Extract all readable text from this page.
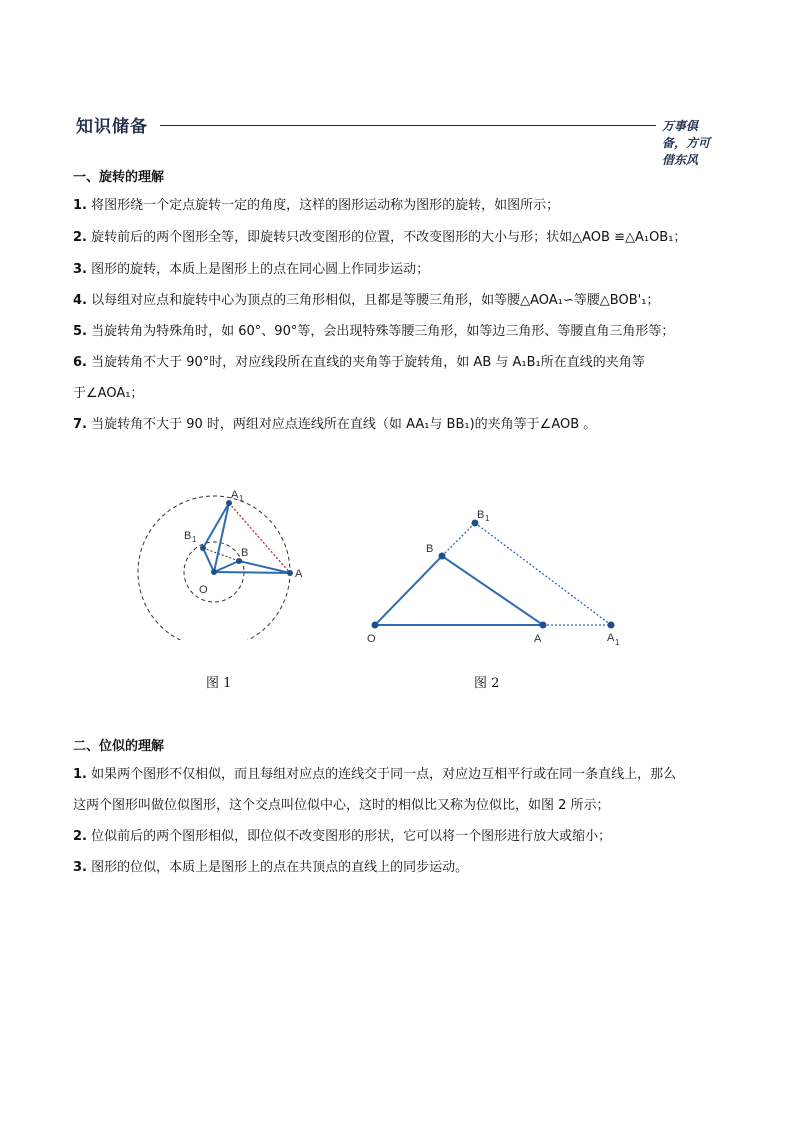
知识储备	万事俱备，方可借东风
一、旋转的理解
1. 将图形绕一个定点旋转一定的角度，这样的图形运动称为图形的旋转，如图所示；
2. 旋转前后的两个图形全等，即旋转只改变图形的位置，不改变图形的大小与形；状如△AOB ≌△A₁OB₁；
3. 图形的旋转，本质上是图形上的点在同心圆上作同步运动；
4. 以每组对应点和旋转中心为顶点的三角形相似，且都是等腰三角形，如等腰△AOA₁∽等腰△BOB'₁；
5. 当旋转角为特殊角时，如 60°、90°等，会出现特殊等腰三角形，如等边三角形、等腰直角三角形等；
6. 当旋转角不大于 90°时，对应线段所在直线的夹角等于旋转角，如 AB 与 A₁B₁所在直线的夹角等
于∠AOA₁；
7. 当旋转角不大于 90 时，两组对应点连线所在直线（如 AA₁与 BB₁)的夹角等于∠AOB 。
O
A
B
A 1
B 1
图 1
O	A
B
B 1
A 1
图 2
二、位似的理解
1. 如果两个图形不仅相似，而且每组对应点的连线交于同一点，对应边互相平行或在同一条直线上，那么
这两个图形叫做位似图形，这个交点叫位似中心，这时的相似比又称为位似比，如图 2 所示；
2. 位似前后的两个图形相似，即位似不改变图形的形状，它可以将一个图形进行放大或缩小；
3. 图形的位似，本质上是图形上的点在共顶点的直线上的同步运动。
